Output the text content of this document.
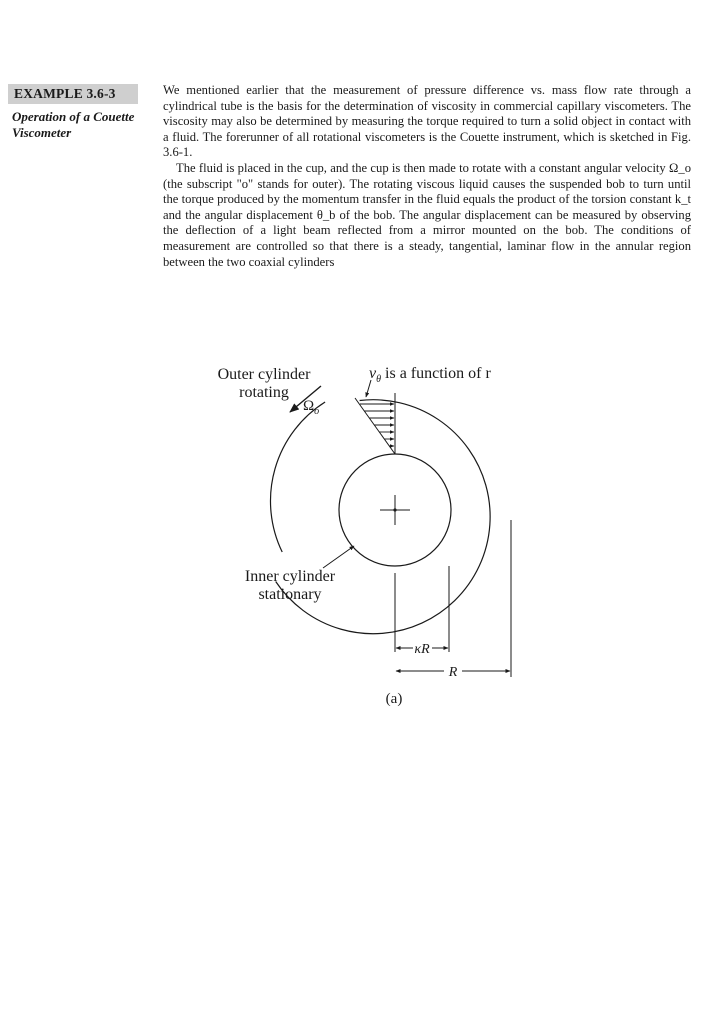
EXAMPLE 3.6-3
Operation of a Couette
Viscometer

We mentioned earlier that the measurement of pressure difference vs. mass flow rate through a cylindrical tube is the basis for the determination of viscosity in commercial capillary viscometers. The viscosity may also be determined by measuring the torque required to turn a solid object in contact with a fluid. The forerunner of all rotational viscometers is the Couette instrument, which is sketched in Fig. 3.6-1.

The fluid is placed in the cup, and the cup is then made to rotate with a constant angular velocity Ω_o (the subscript "o" stands for outer). The rotating viscous liquid causes the suspended bob to turn until the torque produced by the momentum transfer in the fluid equals the product of the torsion constant k_t and the angular displacement θ_b of the bob. The angular displacement can be measured by observing the deflection of a light beam reflected from a mirror mounted on the bob. The conditions of measurement are controlled so that there is a steady, tangential, laminar flow in the annular region between the two coaxial cylinders

Outer cylinder
rotating
$\Omega_o$
$v_\theta$ is a function of r
Inner cylinder
stationary
κR
R
(a)
